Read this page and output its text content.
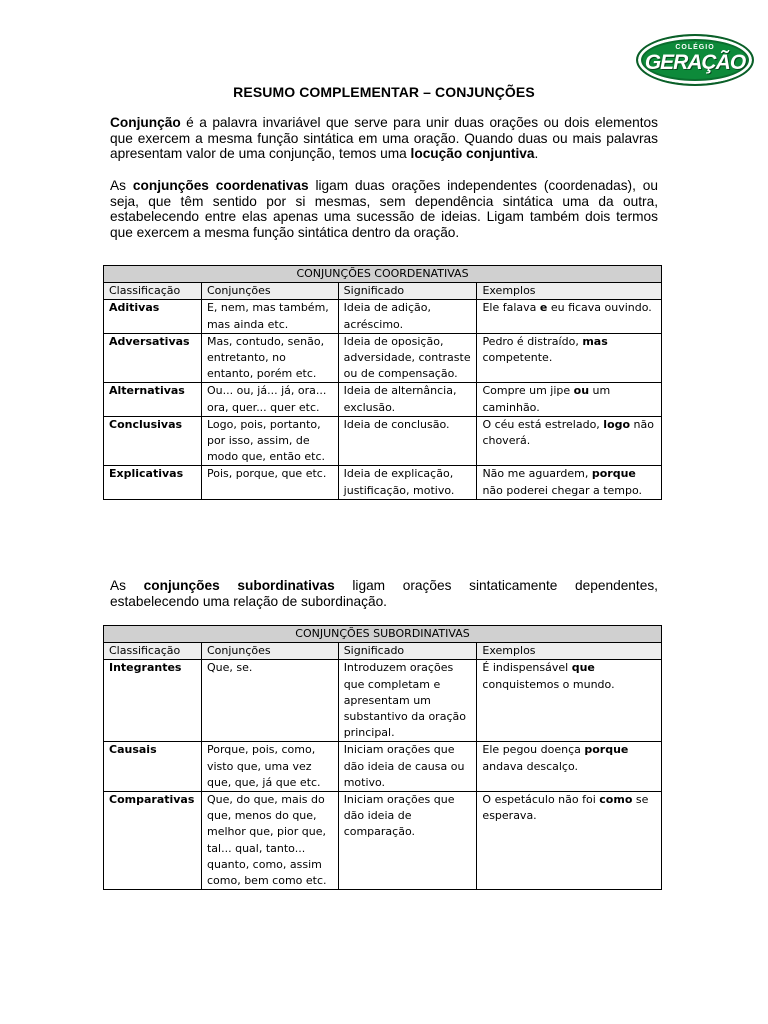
COLÉGIO
GERAÇÃO
RESUMO COMPLEMENTAR – CONJUNÇÕES

Conjunção é a palavra invariável que serve para unir duas orações ou dois elementos que exercem a mesma função sintática em uma oração. Quando duas ou mais palavras apresentam valor de uma conjunção, temos uma locução conjuntiva.

As conjunções coordenativas ligam duas orações independentes (coordenadas), ou seja, que têm sentido por si mesmas, sem dependência sintática uma da outra, estabelecendo entre elas apenas uma sucessão de ideias. Ligam também dois termos que exercem a mesma função sintática dentro da oração.

CONJUNÇÕES COORDENATIVAS			
Classificação	Conjunções	Significado	Exemplos
Aditivas	E, nem, mas também, mas ainda etc.	Ideia de adição, acréscimo.	Ele falava e eu ficava ouvindo.
Adversativas	Mas, contudo, senão, entretanto, no entanto, porém etc.	Ideia de oposição, adversidade, contraste ou de compensação.	Pedro é distraído, mas competente.
Alternativas	Ou... ou, já... já, ora... ora, quer... quer etc.	Ideia de alternância, exclusão.	Compre um jipe ou um caminhão.
Conclusivas	Logo, pois, portanto, por isso, assim, de modo que, então etc.	Ideia de conclusão.	O céu está estrelado, logo não choverá.
Explicativas	Pois, porque, que etc.	Ideia de explicação, justificação, motivo.	Não me aguardem, porque não poderei chegar a tempo.

As conjunções subordinativas ligam orações sintaticamente dependentes, estabelecendo uma relação de subordinação.

CONJUNÇÕES SUBORDINATIVAS			
Classificação	Conjunções	Significado	Exemplos
Integrantes	Que, se.	Introduzem orações que completam e apresentam um substantivo da oração principal.	É indispensável que conquistemos o mundo.
Causais	Porque, pois, como, visto que, uma vez que, que, já que etc.	Iniciam orações que dão ideia de causa ou motivo.	Ele pegou doença porque andava descalço.
Comparativas	Que, do que, mais do que, menos do que, melhor que, pior que, tal... qual, tanto... quanto, como, assim como, bem como etc.	Iniciam orações que dão ideia de comparação.	O espetáculo não foi como se esperava.
